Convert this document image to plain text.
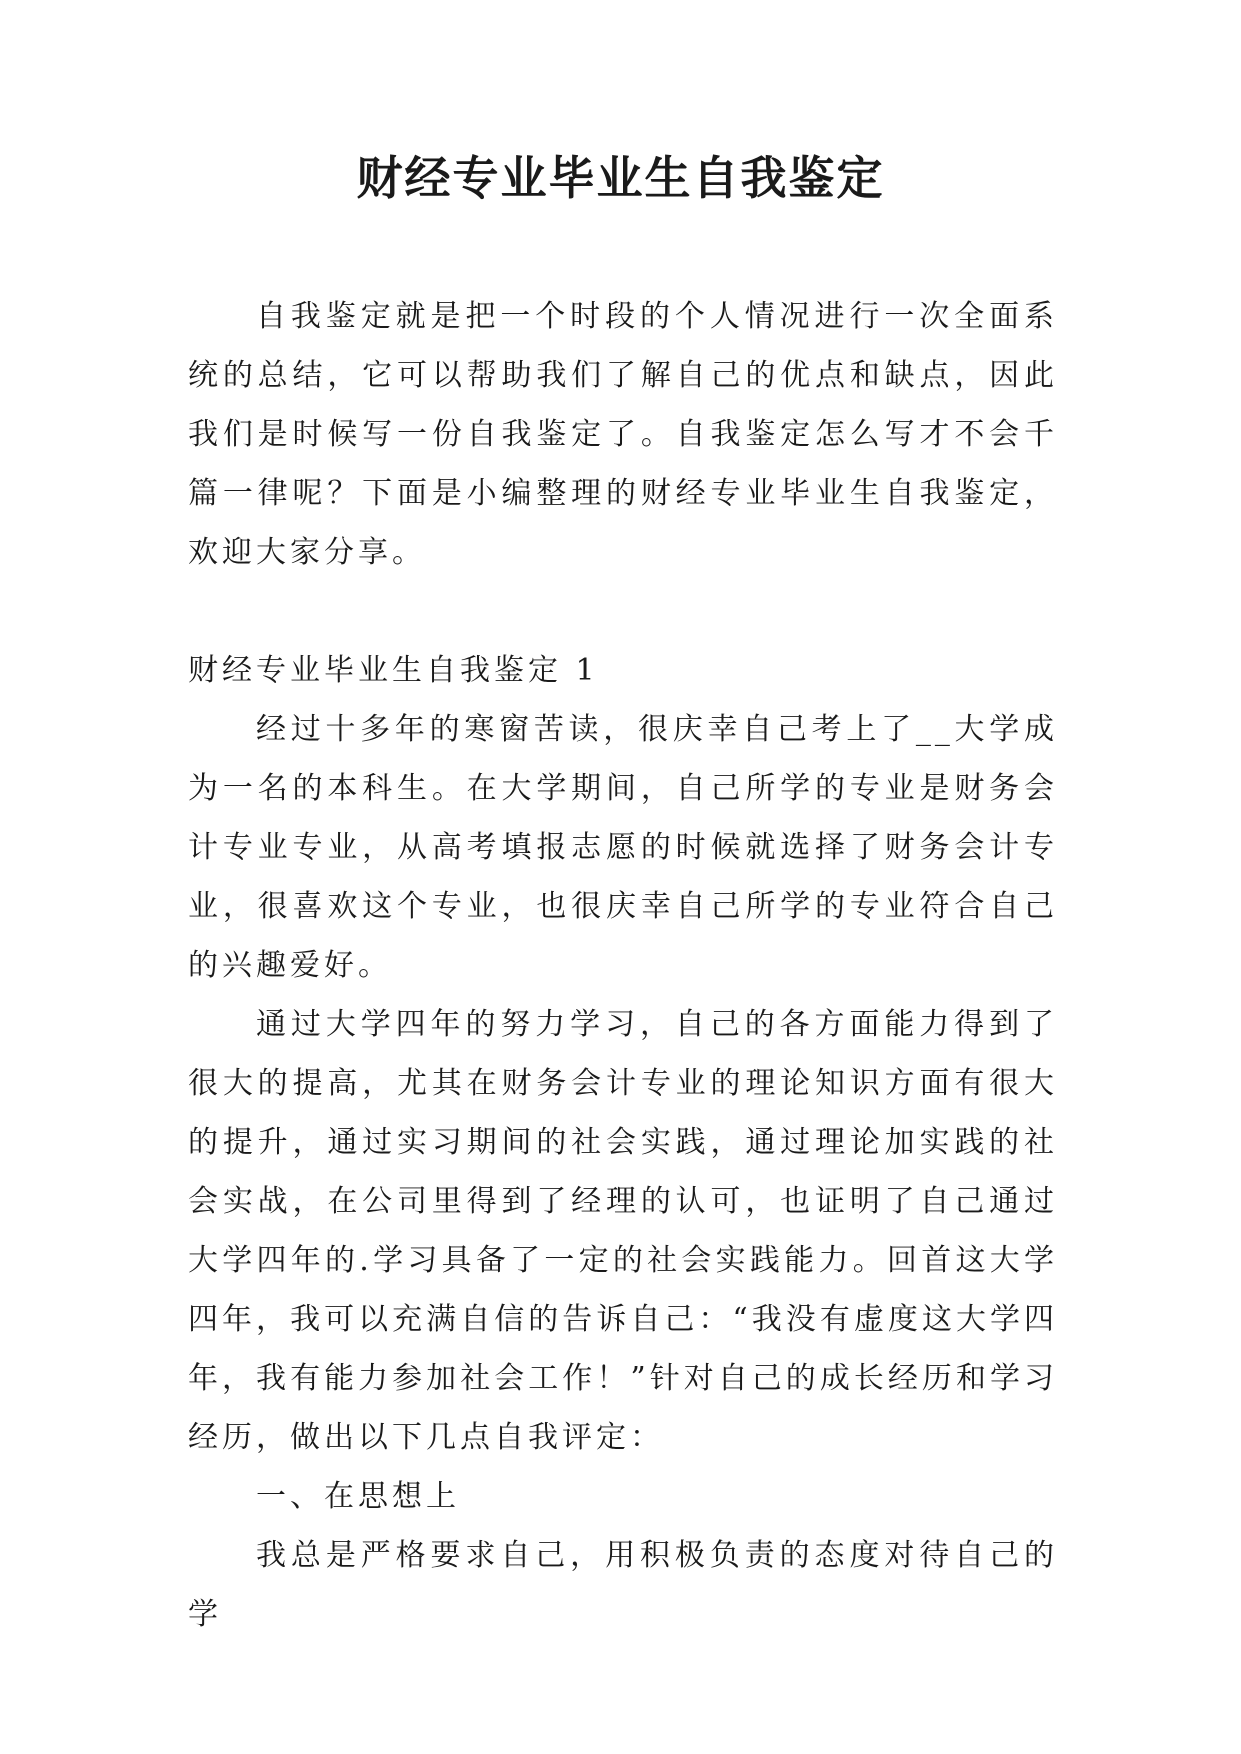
财经专业毕业生自我鉴定

自我鉴定就是把一个时段的个人情况进行一次全面系统的总结，它可以帮助我们了解自己的优点和缺点，因此我们是时候写一份自我鉴定了。自我鉴定怎么写才不会千篇一律呢？下面是小编整理的财经专业毕业生自我鉴定，欢迎大家分享。

财经专业毕业生自我鉴定 1

经过十多年的寒窗苦读，很庆幸自己考上了__大学成为一名的本科生。在大学期间，自己所学的专业是财务会计专业专业，从高考填报志愿的时候就选择了财务会计专业，很喜欢这个专业，也很庆幸自己所学的专业符合自己的兴趣爱好。

通过大学四年的努力学习，自己的各方面能力得到了很大的提高，尤其在财务会计专业的理论知识方面有很大的提升，通过实习期间的社会实践，通过理论加实践的社会实战，在公司里得到了经理的认可，也证明了自己通过大学四年的.学习具备了一定的社会实践能力。回首这大学四年，我可以充满自信的告诉自己：“我没有虚度这大学四年，我有能力参加社会工作！”针对自己的成长经历和学习经历，做出以下几点自我评定：

一、在思想上

我总是严格要求自己，用积极负责的态度对待自己的学
